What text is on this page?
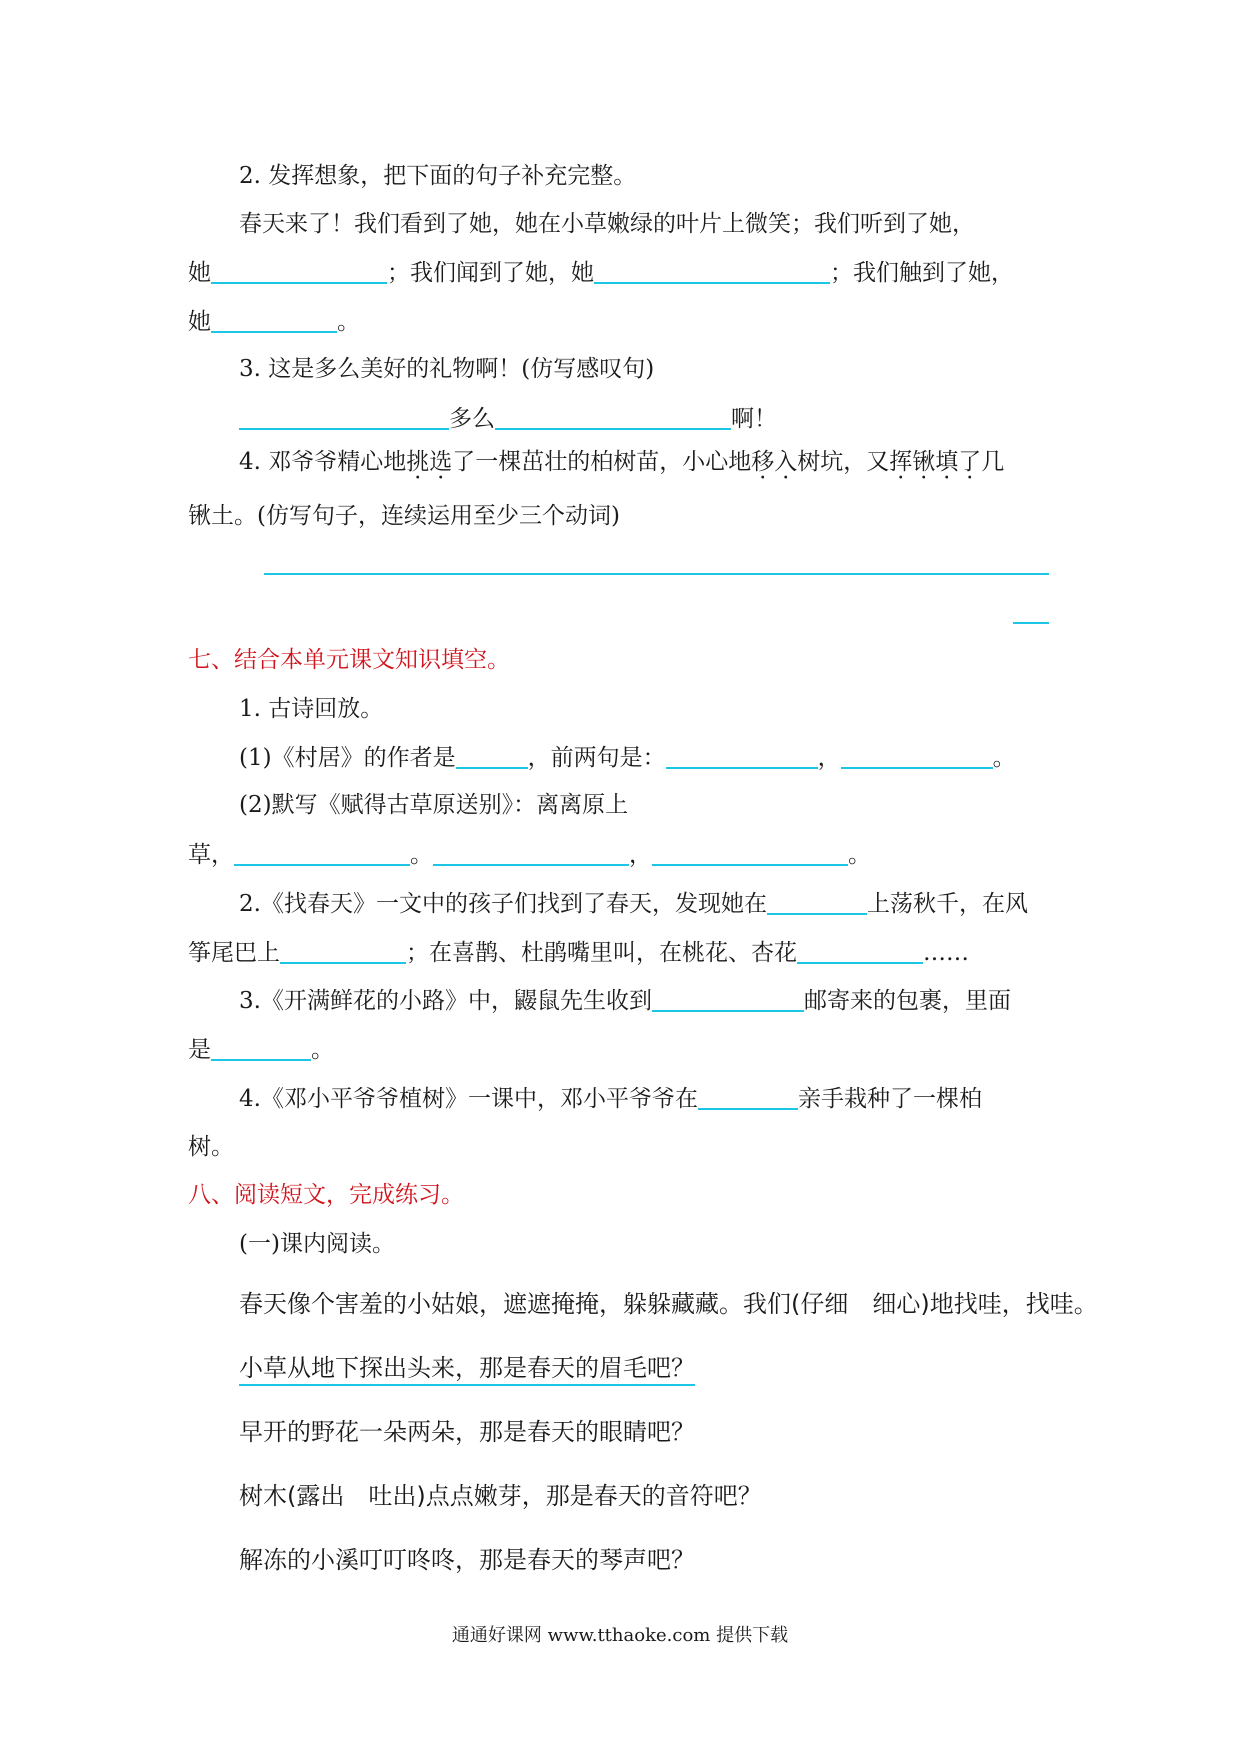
2. 发挥想象，把下面的句子补充完整。
春天来了！我们看到了她，她在小草嫩绿的叶片上微笑；我们听到了她，
她	；我们闻到了她，她	；我们触到了她，
她	。
3. 这是多么美好的礼物啊！(仿写感叹句)
多么	啊！
4. 邓爷爷精心地挑选了一棵茁壮的柏树苗，小心地移入树坑，又挥锹填了几
锹土。(仿写句子，连续运用至少三个动词)
七、结合本单元课文知识填空。
1. 古诗回放。
(1)《村居》的作者是	，前两句是：	，	。
(2)默写《赋得古草原送别》：离离原上
草，	。	，	。
2.《找春天》一文中的孩子们找到了春天，发现她在	上荡秋千，在风
筝尾巴上	；在喜鹊、杜鹃嘴里叫，在桃花、杏花	……
3.《开满鲜花的小路》中，鼹鼠先生收到	邮寄来的包裹，里面
是	。
4.《邓小平爷爷植树》一课中，邓小平爷爷在	亲手栽种了一棵柏
树。
八、阅读短文，完成练习。
(一)课内阅读。
春天像个害羞的小姑娘，遮遮掩掩，躲躲藏藏。我们(仔细　细心)地找哇，找哇。
小草从地下探出头来，那是春天的眉毛吧？
早开的野花一朵两朵，那是春天的眼睛吧？
树木(露出　吐出)点点嫩芽，那是春天的音符吧？
解冻的小溪叮叮咚咚，那是春天的琴声吧？
通通好课网 www.tthaoke.com 提供下载
